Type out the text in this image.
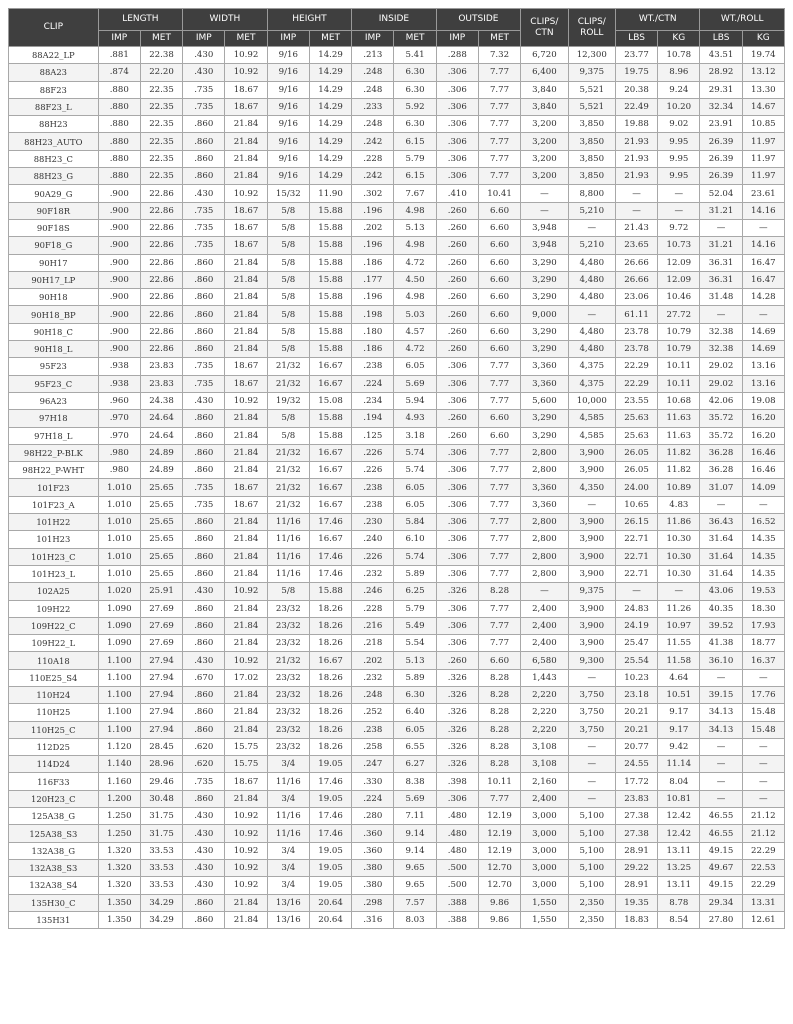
CLIP	LENGTH		WIDTH		HEIGHT		INSIDE		OUTSIDE		CLIPS/ CTN	CLIPS/ ROLL	WT./CTN		WT./ROLL	
	IMP	MET	IMP	MET	IMP	MET	IMP	MET	IMP	MET			LBS	KG	LBS	KG
88A22_LP	.881	22.38	.430	10.92	9/16	14.29	.213	5.41	.288	7.32	6,720	12,300	23.77	10.78	43.51	19.74
88A23	.874	22.20	.430	10.92	9/16	14.29	.248	6.30	.306	7.77	6,400	9,375	19.75	8.96	28.92	13.12
88F23	.880	22.35	.735	18.67	9/16	14.29	.248	6.30	.306	7.77	3,840	5,521	20.38	9.24	29.31	13.30
88F23_L	.880	22.35	.735	18.67	9/16	14.29	.233	5.92	.306	7.77	3,840	5,521	22.49	10.20	32.34	14.67
88H23	.880	22.35	.860	21.84	9/16	14.29	.248	6.30	.306	7.77	3,200	3,850	19.88	9.02	23.91	10.85
88H23_AUTO	.880	22.35	.860	21.84	9/16	14.29	.242	6.15	.306	7.77	3,200	3,850	21.93	9.95	26.39	11.97
88H23_C	.880	22.35	.860	21.84	9/16	14.29	.228	5.79	.306	7.77	3,200	3,850	21.93	9.95	26.39	11.97
88H23_G	.880	22.35	.860	21.84	9/16	14.29	.242	6.15	.306	7.77	3,200	3,850	21.93	9.95	26.39	11.97
90A29_G	.900	22.86	.430	10.92	15/32	11.90	.302	7.67	.410	10.41	—	8,800	—	—	52.04	23.61
90F18R	.900	22.86	.735	18.67	5/8	15.88	.196	4.98	.260	6.60	—	5,210	—	—	31.21	14.16
90F18S	.900	22.86	.735	18.67	5/8	15.88	.202	5.13	.260	6.60	3,948	—	21.43	9.72	—	—
90F18_G	.900	22.86	.735	18.67	5/8	15.88	.196	4.98	.260	6.60	3,948	5,210	23.65	10.73	31.21	14.16
90H17	.900	22.86	.860	21.84	5/8	15.88	.186	4.72	.260	6.60	3,290	4,480	26.66	12.09	36.31	16.47
90H17_LP	.900	22.86	.860	21.84	5/8	15.88	.177	4.50	.260	6.60	3,290	4,480	26.66	12.09	36.31	16.47
90H18	.900	22.86	.860	21.84	5/8	15.88	.196	4.98	.260	6.60	3,290	4,480	23.06	10.46	31.48	14.28
90H18_BP	.900	22.86	.860	21.84	5/8	15.88	.198	5.03	.260	6.60	9,000	—	61.11	27.72	—	—
90H18_C	.900	22.86	.860	21.84	5/8	15.88	.180	4.57	.260	6.60	3,290	4,480	23.78	10.79	32.38	14.69
90H18_L	.900	22.86	.860	21.84	5/8	15.88	.186	4.72	.260	6.60	3,290	4,480	23.78	10.79	32.38	14.69
95F23	.938	23.83	.735	18.67	21/32	16.67	.238	6.05	.306	7.77	3,360	4,375	22.29	10.11	29.02	13.16
95F23_C	.938	23.83	.735	18.67	21/32	16.67	.224	5.69	.306	7.77	3,360	4,375	22.29	10.11	29.02	13.16
96A23	.960	24.38	.430	10.92	19/32	15.08	.234	5.94	.306	7.77	5,600	10,000	23.55	10.68	42.06	19.08
97H18	.970	24.64	.860	21.84	5/8	15.88	.194	4.93	.260	6.60	3,290	4,585	25.63	11.63	35.72	16.20
97H18_L	.970	24.64	.860	21.84	5/8	15.88	.125	3.18	.260	6.60	3,290	4,585	25.63	11.63	35.72	16.20
98H22_P-BLK	.980	24.89	.860	21.84	21/32	16.67	.226	5.74	.306	7.77	2,800	3,900	26.05	11.82	36.28	16.46
98H22_P-WHT	.980	24.89	.860	21.84	21/32	16.67	.226	5.74	.306	7.77	2,800	3,900	26.05	11.82	36.28	16.46
101F23	1.010	25.65	.735	18.67	21/32	16.67	.238	6.05	.306	7.77	3,360	4,350	24.00	10.89	31.07	14.09
101F23_A	1.010	25.65	.735	18.67	21/32	16.67	.238	6.05	.306	7.77	3,360	—	10.65	4.83	—	—
101H22	1.010	25.65	.860	21.84	11/16	17.46	.230	5.84	.306	7.77	2,800	3,900	26.15	11.86	36.43	16.52
101H23	1.010	25.65	.860	21.84	11/16	16.67	.240	6.10	.306	7.77	2,800	3,900	22.71	10.30	31.64	14.35
101H23_C	1.010	25.65	.860	21.84	11/16	17.46	.226	5.74	.306	7.77	2,800	3,900	22.71	10.30	31.64	14.35
101H23_L	1.010	25.65	.860	21.84	11/16	17.46	.232	5.89	.306	7.77	2,800	3,900	22.71	10.30	31.64	14.35
102A25	1.020	25.91	.430	10.92	5/8	15.88	.246	6.25	.326	8.28	—	9,375	—	—	43.06	19.53
109H22	1.090	27.69	.860	21.84	23/32	18.26	.228	5.79	.306	7.77	2,400	3,900	24.83	11.26	40.35	18.30
109H22_C	1.090	27.69	.860	21.84	23/32	18.26	.216	5.49	.306	7.77	2,400	3,900	24.19	10.97	39.52	17.93
109H22_L	1.090	27.69	.860	21.84	23/32	18.26	.218	5.54	.306	7.77	2,400	3,900	25.47	11.55	41.38	18.77
110A18	1.100	27.94	.430	10.92	21/32	16.67	.202	5.13	.260	6.60	6,580	9,300	25.54	11.58	36.10	16.37
110E25_S4	1.100	27.94	.670	17.02	23/32	18.26	.232	5.89	.326	8.28	1,443	—	10.23	4.64	—	—
110H24	1.100	27.94	.860	21.84	23/32	18.26	.248	6.30	.326	8.28	2,220	3,750	23.18	10.51	39.15	17.76
110H25	1.100	27.94	.860	21.84	23/32	18.26	.252	6.40	.326	8.28	2,220	3,750	20.21	9.17	34.13	15.48
110H25_C	1.100	27.94	.860	21.84	23/32	18.26	.238	6.05	.326	8.28	2,220	3,750	20.21	9.17	34.13	15.48
112D25	1.120	28.45	.620	15.75	23/32	18.26	.258	6.55	.326	8.28	3,108	—	20.77	9.42	—	—
114D24	1.140	28.96	.620	15.75	3/4	19.05	.247	6.27	.326	8.28	3,108	—	24.55	11.14	—	—
116F33	1.160	29.46	.735	18.67	11/16	17.46	.330	8.38	.398	10.11	2,160	—	17.72	8.04	—	—
120H23_C	1.200	30.48	.860	21.84	3/4	19.05	.224	5.69	.306	7.77	2,400	—	23.83	10.81	—	—
125A38_G	1.250	31.75	.430	10.92	11/16	17.46	.280	7.11	.480	12.19	3,000	5,100	27.38	12.42	46.55	21.12
125A38_S3	1.250	31.75	.430	10.92	11/16	17.46	.360	9.14	.480	12.19	3,000	5,100	27.38	12.42	46.55	21.12
132A38_G	1.320	33.53	.430	10.92	3/4	19.05	.360	9.14	.480	12.19	3,000	5,100	28.91	13.11	49.15	22.29
132A38_S3	1.320	33.53	.430	10.92	3/4	19.05	.380	9.65	.500	12.70	3,000	5,100	29.22	13.25	49.67	22.53
132A38_S4	1.320	33.53	.430	10.92	3/4	19.05	.380	9.65	.500	12.70	3,000	5,100	28.91	13.11	49.15	22.29
135H30_C	1.350	34.29	.860	21.84	13/16	20.64	.298	7.57	.388	9.86	1,550	2,350	19.35	8.78	29.34	13.31
135H31	1.350	34.29	.860	21.84	13/16	20.64	.316	8.03	.388	9.86	1,550	2,350	18.83	8.54	27.80	12.61
